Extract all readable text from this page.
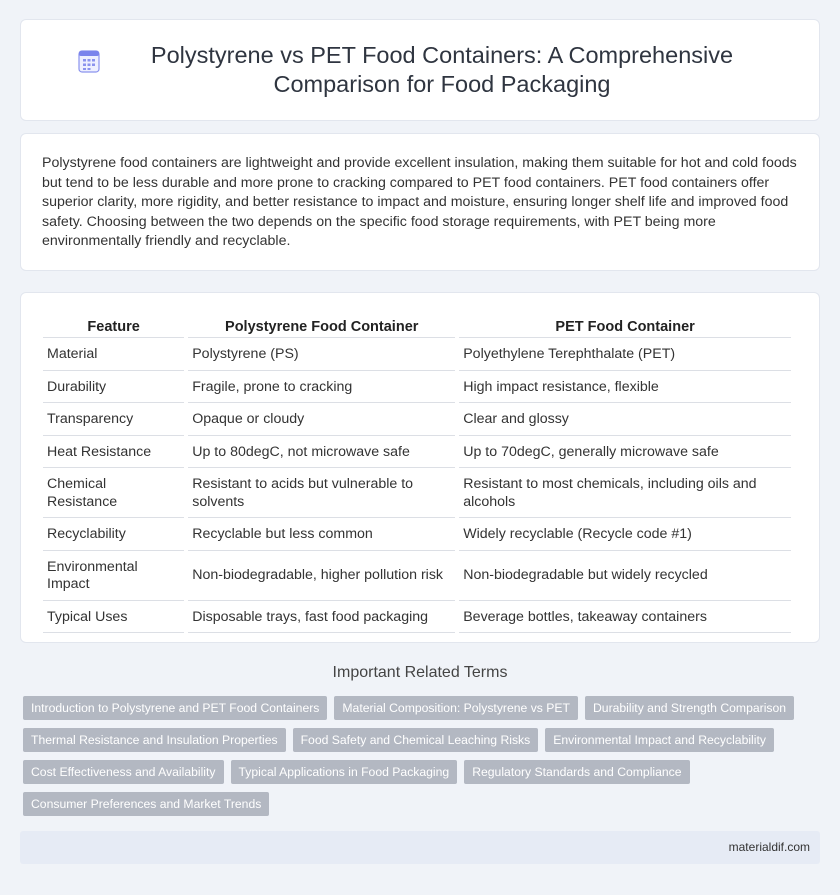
Polystyrene vs PET Food Containers: A Comprehensive Comparison for Food Packaging

Polystyrene food containers are lightweight and provide excellent insulation, making them suitable for hot and cold foods but tend to be less durable and more prone to cracking compared to PET food containers. PET food containers offer superior clarity, more rigidity, and better resistance to impact and moisture, ensuring longer shelf life and improved food safety. Choosing between the two depends on the specific food storage requirements, with PET being more environmentally friendly and recyclable.

Feature	Polystyrene Food Container	PET Food Container
Material	Polystyrene (PS)	Polyethylene Terephthalate (PET)
Durability	Fragile, prone to cracking	High impact resistance, flexible
Transparency	Opaque or cloudy	Clear and glossy
Heat Resistance	Up to 80degC, not microwave safe	Up to 70degC, generally microwave safe
Chemical Resistance	Resistant to acids but vulnerable to solvents	Resistant to most chemicals, including oils and alcohols
Recyclability	Recyclable but less common	Widely recyclable (Recycle code #1)
Environmental Impact	Non-biodegradable, higher pollution risk	Non-biodegradable but widely recycled
Typical Uses	Disposable trays, fast food packaging	Beverage bottles, takeaway containers
Important Related Terms
Introduction to Polystyrene and PET Food Containers	Material Composition: Polystyrene vs PET	Durability and Strength Comparison
Thermal Resistance and Insulation Properties	Food Safety and Chemical Leaching Risks	Environmental Impact and Recyclability
Cost Effectiveness and Availability	Typical Applications in Food Packaging	Regulatory Standards and Compliance
Consumer Preferences and Market Trends
materialdif.com
